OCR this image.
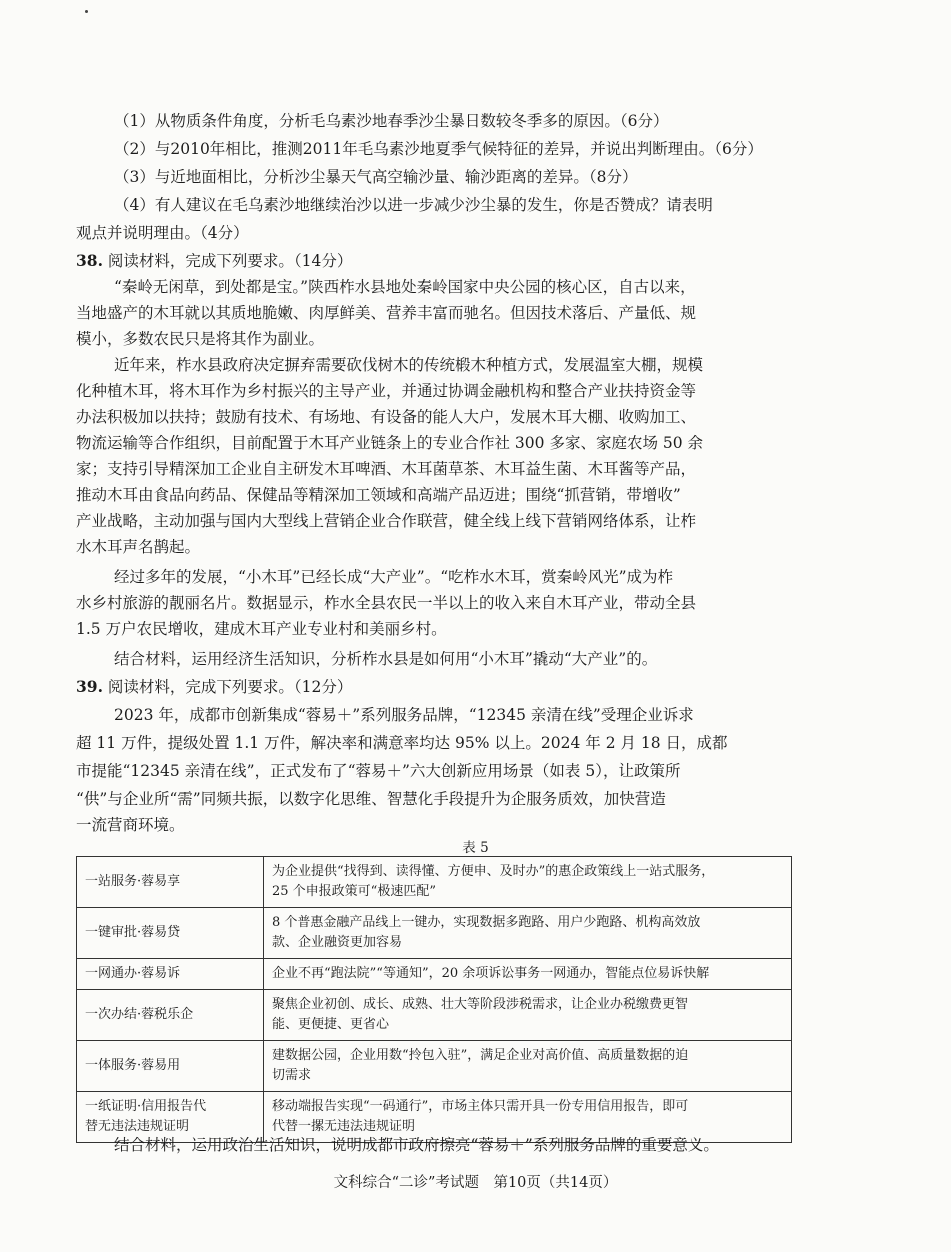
（1）从物质条件角度，分析毛乌素沙地春季沙尘暴日数较冬季多的原因。（6分）
（2）与2010年相比，推测2011年毛乌素沙地夏季气候特征的差异，并说出判断理由。（6分）
（3）与近地面相比，分析沙尘暴天气高空输沙量、输沙距离的差异。（8分）
（4）有人建议在毛乌素沙地继续治沙以进一步减少沙尘暴的发生，你是否赞成？请表明
观点并说明理由。（4分）
38. 阅读材料，完成下列要求。（14分）
“秦岭无闲草，到处都是宝。”陕西柞水县地处秦岭国家中央公园的核心区，自古以来，
当地盛产的木耳就以其质地脆嫩、肉厚鲜美、营养丰富而驰名。但因技术落后、产量低、规
模小，多数农民只是将其作为副业。
近年来，柞水县政府决定摒弃需要砍伐树木的传统椴木种植方式，发展温室大棚，规模
化种植木耳，将木耳作为乡村振兴的主导产业，并通过协调金融机构和整合产业扶持资金等
办法积极加以扶持；鼓励有技术、有场地、有设备的能人大户，发展木耳大棚、收购加工、
物流运输等合作组织，目前配置于木耳产业链条上的专业合作社 300 多家、家庭农场 50 余
家；支持引导精深加工企业自主研发木耳啤酒、木耳菌草茶、木耳益生菌、木耳酱等产品，
推动木耳由食品向药品、保健品等精深加工领域和高端产品迈进；围绕“抓营销，带增收”
产业战略，主动加强与国内大型线上营销企业合作联营，健全线上线下营销网络体系，让柞
水木耳声名鹊起。
经过多年的发展，“小木耳”已经长成“大产业”。“吃柞水木耳，赏秦岭风光”成为柞
水乡村旅游的靓丽名片。数据显示，柞水全县农民一半以上的收入来自木耳产业，带动全县
1.5 万户农民增收，建成木耳产业专业村和美丽乡村。
结合材料，运用经济生活知识，分析柞水县是如何用“小木耳”撬动“大产业”的。
39. 阅读材料，完成下列要求。（12分）
2023 年，成都市创新集成“蓉易＋”系列服务品牌，“12345 亲清在线”受理企业诉求
超 11 万件，提级处置 1.1 万件，解决率和满意率均达 95% 以上。2024 年 2 月 18 日，成都
市提能“12345 亲清在线”，正式发布了“蓉易＋”六大创新应用场景（如表 5），让政策所
“供”与企业所“需”同频共振，以数字化思维、智慧化手段提升为企服务质效，加快营造
一流营商环境。
表 5
一站服务·蓉易享	为企业提供“找得到、读得懂、方便申、及时办”的惠企政策线上一站式服务，
25 个申报政策可“极速匹配”
一键审批·蓉易贷	8 个普惠金融产品线上一键办，实现数据多跑路、用户少跑路、机构高效放
款、企业融资更加容易
一网通办·蓉易诉	企业不再“跑法院”“等通知”，20 余项诉讼事务一网通办，智能点位易诉快解
一次办结·蓉税乐企	聚焦企业初创、成长、成熟、壮大等阶段涉税需求，让企业办税缴费更智
能、更便捷、更省心
一体服务·蓉易用	建数据公园，企业用数“拎包入驻”，满足企业对高价值、高质量数据的迫
切需求
一纸证明·信用报告代
替无违法违规证明	移动端报告实现“一码通行”，市场主体只需开具一份专用信用报告，即可
代替一摞无违法违规证明
结合材料，运用政治生活知识，说明成都市政府擦亮“蓉易＋”系列服务品牌的重要意义。
文科综合“二诊”考试题　第10页（共14页）
